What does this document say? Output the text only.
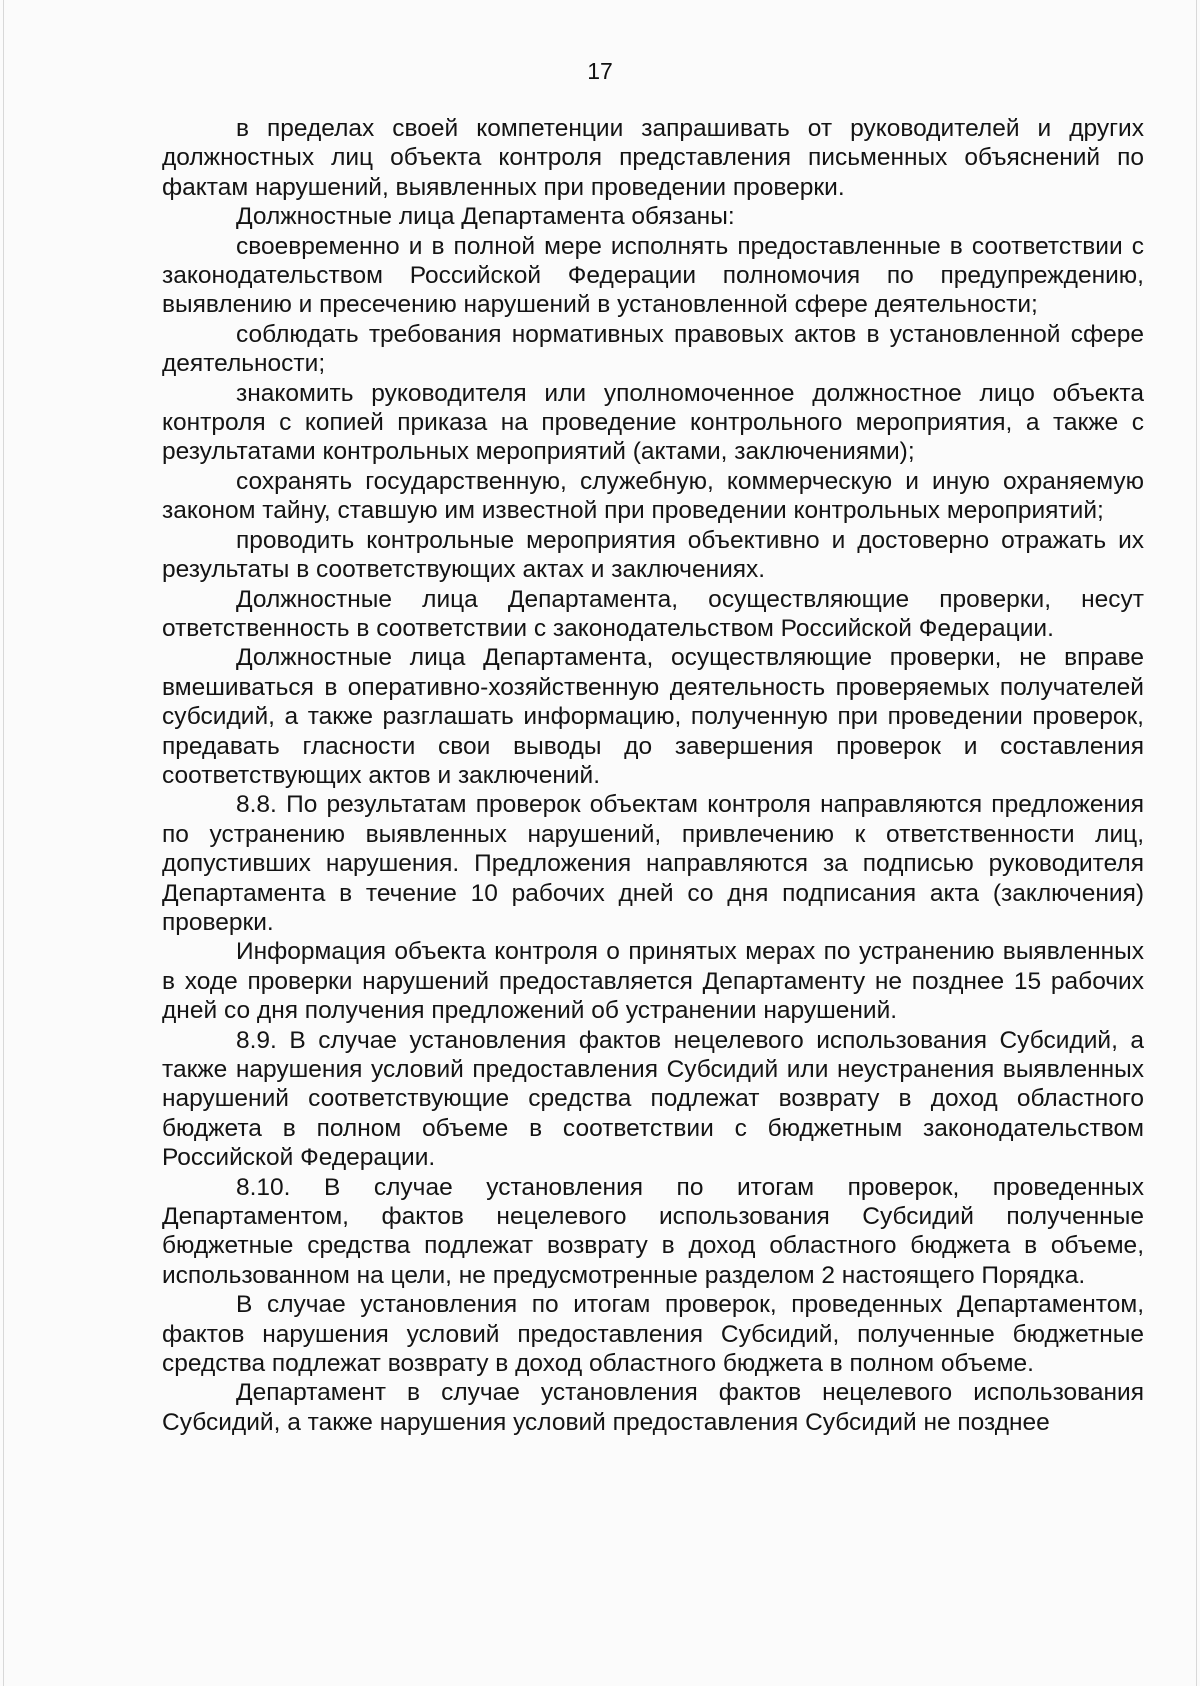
17

в пределах своей компетенции запрашивать от руководителей и других должностных лиц объекта контроля представления письменных объяснений по фактам нарушений, выявленных при проведении проверки.

Должностные лица Департамента обязаны:

своевременно и в полной мере исполнять предоставленные в соответствии с законодательством Российской Федерации полномочия по предупреждению, выявлению и пресечению нарушений в установленной сфере деятельности;

соблюдать требования нормативных правовых актов в установленной сфере деятельности;

знакомить руководителя или уполномоченное должностное лицо объекта контроля с копией приказа на проведение контрольного мероприятия, а также с результатами контрольных мероприятий (актами, заключениями);

сохранять государственную, служебную, коммерческую и иную охраняемую законом тайну, ставшую им известной при проведении контрольных мероприятий;

проводить контрольные мероприятия объективно и достоверно отражать их результаты в соответствующих актах и заключениях.

Должностные лица Департамента, осуществляющие проверки, несут ответственность в соответствии с законодательством Российской Федерации.

Должностные лица Департамента, осуществляющие проверки, не вправе вмешиваться в оперативно-хозяйственную деятельность проверяемых получателей субсидий, а также разглашать информацию, полученную при проведении проверок, предавать гласности свои выводы до завершения проверок и составления соответствующих актов и заключений.

8.8. По результатам проверок объектам контроля направляются предложения по устранению выявленных нарушений, привлечению к ответственности лиц, допустивших нарушения. Предложения направляются за подписью руководителя Департамента в течение 10 рабочих дней со дня подписания акта (заключения) проверки.

Информация объекта контроля о принятых мерах по устранению выявленных в ходе проверки нарушений предоставляется Департаменту не позднее 15 рабочих дней со дня получения предложений об устранении нарушений.

8.9. В случае установления фактов нецелевого использования Субсидий, а также нарушения условий предоставления Субсидий или неустранения выявленных нарушений соответствующие средства подлежат возврату в доход областного бюджета в полном объеме в соответствии с бюджетным законодательством Российской Федерации.

8.10. В случае установления по итогам проверок, проведенных Департаментом, фактов нецелевого использования Субсидий полученные бюджетные средства подлежат возврату в доход областного бюджета в объеме, использованном на цели, не предусмотренные разделом 2 настоящего Порядка.

В случае установления по итогам проверок, проведенных Департаментом, фактов нарушения условий предоставления Субсидий, полученные бюджетные средства подлежат возврату в доход областного бюджета в полном объеме.

Департамент в случае установления фактов нецелевого использования Субсидий, а также нарушения условий предоставления Субсидий не позднее
